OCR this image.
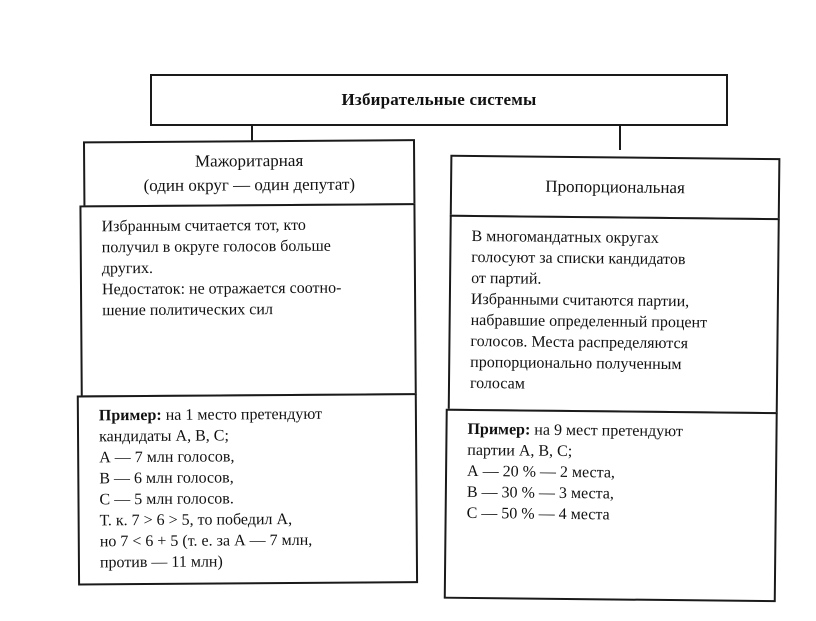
Избирательные системы
Мажоритарная
(один округ — один депутат)

Избранным считается тот, кто

получил в округе голосов больше

других.

Недостаток: не отражается соотно-

шение политических сил

Пример: на 1 место претендуют

кандидаты А, В, С;

А — 7 млн голосов,

В — 6 млн голосов,

С — 5 млн голосов.

Т. к. 7 > 6 > 5, то победил А,

но 7 < 6 + 5 (т. е. за А — 7 млн,

против — 11 млн)

Пропорциональная

В многомандатных округах

голосуют за списки кандидатов

от партий.

Избранными считаются партии,

набравшие определенный процент

голосов. Места распределяются

пропорционально полученным

голосам

Пример: на 9 мест претендуют

партии А, В, С;

А — 20 % — 2 места,

В — 30 % — 3 места,

С — 50 % — 4 места
